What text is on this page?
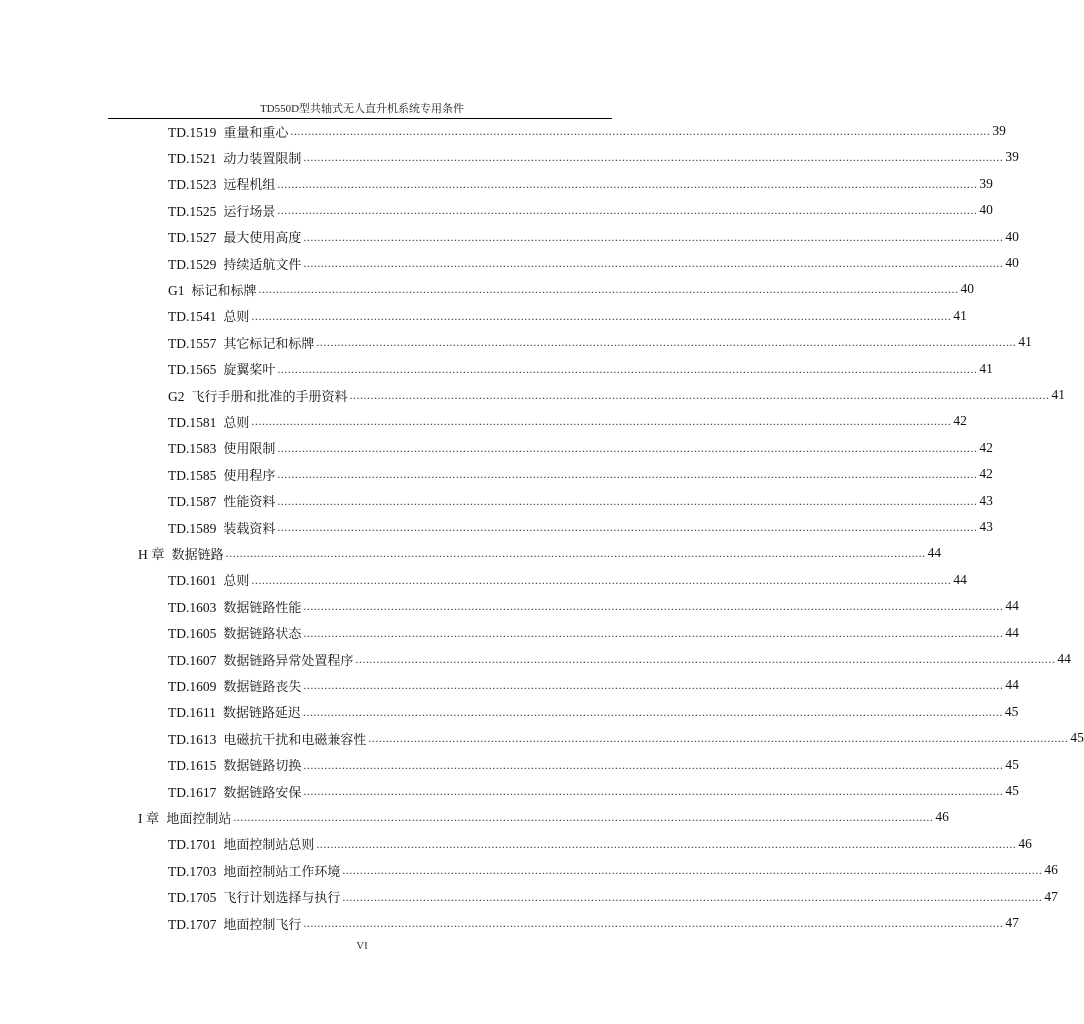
TD550D型共轴式无人直升机系统专用条件
TD.1519 重量和重心 ........................................................................................................................................................................................................ 39
TD.1521 动力装置限制 ........................................................................................................................................................................................................ 39
TD.1523 远程机组 ........................................................................................................................................................................................................ 39
TD.1525 运行场景 ........................................................................................................................................................................................................ 40
TD.1527 最大使用高度 ........................................................................................................................................................................................................ 40
TD.1529 持续适航文件 ........................................................................................................................................................................................................ 40
G1 标记和标牌 ........................................................................................................................................................................................................ 40
TD.1541 总则 ........................................................................................................................................................................................................ 41
TD.1557 其它标记和标牌 ........................................................................................................................................................................................................ 41
TD.1565 旋翼桨叶 ........................................................................................................................................................................................................ 41
G2 飞行手册和批准的手册资料 ........................................................................................................................................................................................................ 41
TD.1581 总则 ........................................................................................................................................................................................................ 42
TD.1583 使用限制 ........................................................................................................................................................................................................ 42
TD.1585 使用程序 ........................................................................................................................................................................................................ 42
TD.1587 性能资料 ........................................................................................................................................................................................................ 43
TD.1589 装载资料 ........................................................................................................................................................................................................ 43
H 章 数据链路 ........................................................................................................................................................................................................ 44
TD.1601 总则 ........................................................................................................................................................................................................ 44
TD.1603 数据链路性能 ........................................................................................................................................................................................................ 44
TD.1605 数据链路状态 ........................................................................................................................................................................................................ 44
TD.1607 数据链路异常处置程序 ........................................................................................................................................................................................................ 44
TD.1609 数据链路丧失 ........................................................................................................................................................................................................ 44
TD.1611 数据链路延迟 ........................................................................................................................................................................................................ 45
TD.1613 电磁抗干扰和电磁兼容性 ........................................................................................................................................................................................................ 45
TD.1615 数据链路切换 ........................................................................................................................................................................................................ 45
TD.1617 数据链路安保 ........................................................................................................................................................................................................ 45
I 章 地面控制站 ........................................................................................................................................................................................................ 46
TD.1701 地面控制站总则 ........................................................................................................................................................................................................ 46
TD.1703 地面控制站工作环境 ........................................................................................................................................................................................................ 46
TD.1705 飞行计划选择与执行 ........................................................................................................................................................................................................ 47
TD.1707 地面控制飞行 ........................................................................................................................................................................................................ 47
VI
